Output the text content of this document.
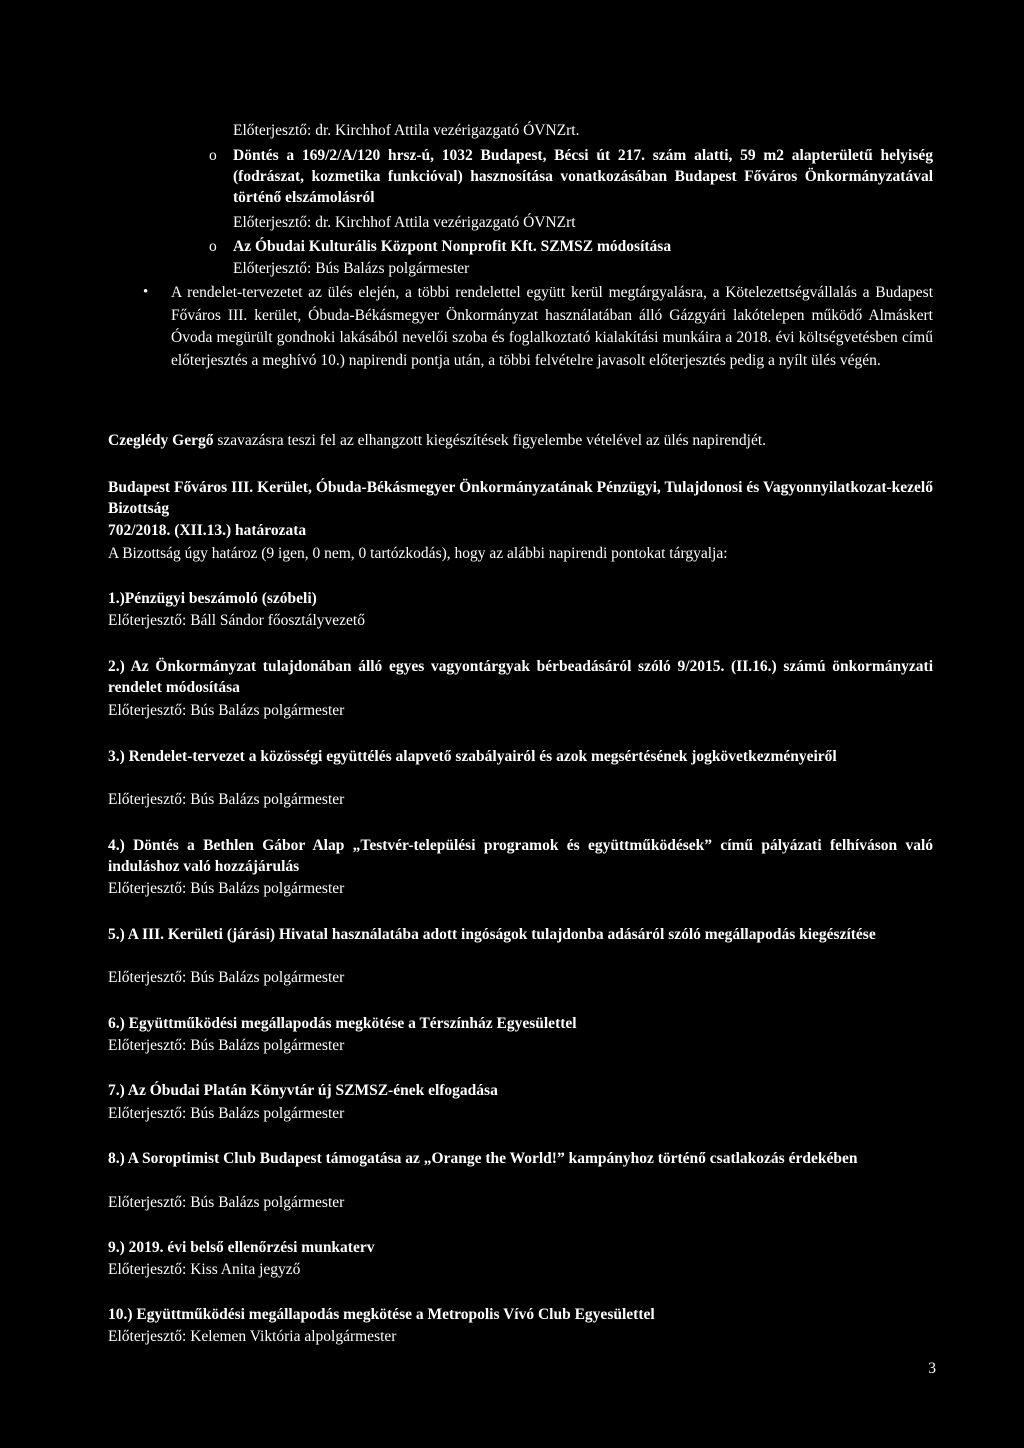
Előterjesztő: dr. Kirchhof Attila vezérigazgató ÓVNZrt.
o	Döntés a 169/2/A/120 hrsz-ú, 1032 Budapest, Bécsi út 217. szám alatti, 59 m2 alapterületű helyiség (fodrászat, kozmetika funkcióval) hasznosítása vonatkozásában Budapest Főváros Önkormányzatával történő elszámolásról
Előterjesztő: dr. Kirchhof Attila vezérigazgató ÓVNZrt
o	Az Óbudai Kulturális Központ Nonprofit Kft. SZMSZ módosítása
Előterjesztő: Bús Balázs polgármester
• A rendelet-tervezetet az ülés elején, a többi rendelettel együtt kerül megtárgyalásra, a Kötelezettségvállalás a Budapest Főváros III. kerület, Óbuda-Békásmegyer Önkormányzat használatában álló Gázgyári lakótelepen működő Almáskert Óvoda megürült gondnoki lakásából nevelői szoba és foglalkoztató kialakítási munkáira a 2018. évi költségvetésben című előterjesztés a meghívó 10.) napirendi pontja után, a többi felvételre javasolt előterjesztés pedig a nyílt ülés végén.
Czeglédy Gergő szavazásra teszi fel az elhangzott kiegészítések figyelembe vételével az ülés napirendjét.
Budapest Főváros III. Kerület, Óbuda-Békásmegyer Önkormányzatának Pénzügyi, Tulajdonosi és Vagyonnyilatkozat-kezelő Bizottság
702/2018. (XII.13.) határozata
A Bizottság úgy határoz (9 igen, 0 nem, 0 tartózkodás), hogy az alábbi napirendi pontokat tárgyalja:
1.)Pénzügyi beszámoló (szóbeli)
Előterjesztő: Báll Sándor főosztályvezető
2.) Az Önkormányzat tulajdonában álló egyes vagyontárgyak bérbeadásáról szóló 9/2015. (II.16.) számú önkormányzati rendelet módosítása
Előterjesztő: Bús Balázs polgármester
3.) Rendelet-tervezet a közösségi együttélés alapvető szabályairól és azok megsértésének jogkövetkezményeiről
Előterjesztő: Bús Balázs polgármester
4.) Döntés a Bethlen Gábor Alap „Testvér-települési programok és együttműködések” című pályázati felhíváson való induláshoz való hozzájárulás
Előterjesztő: Bús Balázs polgármester
5.) A III. Kerületi (járási) Hivatal használatába adott ingóságok tulajdonba adásáról szóló megállapodás kiegészítése
Előterjesztő: Bús Balázs polgármester
6.) Együttműködési megállapodás megkötése a Térszínház Egyesülettel
Előterjesztő: Bús Balázs polgármester
7.) Az Óbudai Platán Könyvtár új SZMSZ-ének elfogadása
Előterjesztő: Bús Balázs polgármester
8.) A Soroptimist Club Budapest támogatása az „Orange the World!” kampányhoz történő csatlakozás érdekében
Előterjesztő: Bús Balázs polgármester
9.) 2019. évi belső ellenőrzési munkaterv
Előterjesztő: Kiss Anita jegyző
10.) Együttműködési megállapodás megkötése a Metropolis Vívó Club Egyesülettel
Előterjesztő: Kelemen Viktória alpolgármester
3
